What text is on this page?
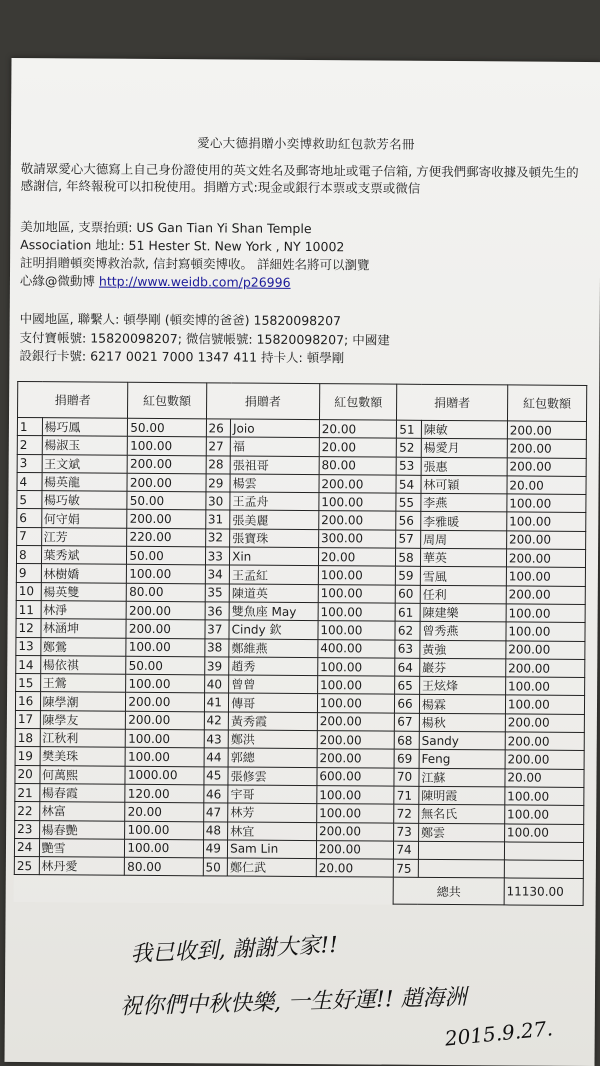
愛心大德捐贈小奕博救助紅包款芳名冊

敬請眾愛心大德寫上自己身份證使用的英文姓名及郵寄地址或電子信箱, 方便我們郵寄收據及頓先生的感謝信, 年終報稅可以扣稅使用。捐贈方式:現金或銀行本票或支票或微信

美加地區, 支票抬頭: US Gan Tian Yi Shan Temple

Association 地址: 51 Hester St. New York , NY 10002

註明捐贈頓奕博救治款, 信封寫頓奕博收。 詳細姓名將可以瀏覽

心緣@微動博 http://www.weidb.com/p26996

中國地區, 聯繫人: 頓學剛 (頓奕博的爸爸) 15820098207

支付寶帳號: 15820098207; 微信號帳號: 15820098207; 中國建

設銀行卡號: 6217 0021 7000 1347 411 持卡人: 頓學剛

捐贈者		紅包數額	捐贈者		紅包數額	捐贈者		紅包數額
1	楊巧鳳	50.00	26	Joio	20.00	51	陳敏	200.00
2	楊淑玉	100.00	27	福	20.00	52	楊愛月	200.00
3	王文斌	200.00	28	張祖哥	80.00	53	張惠	200.00
4	楊英龍	200.00	29	楊雲	200.00	54	林可穎	20.00
5	楊巧敏	50.00	30	王孟舟	100.00	55	李燕	100.00
6	何守娟	200.00	31	張美麗	200.00	56	李雅暖	100.00
7	江芳	220.00	32	張寶珠	300.00	57	周周	200.00
8	葉秀斌	50.00	33	Xin	20.00	58	華英	200.00
9	林樹嬌	100.00	34	王孟紅	100.00	59	雪風	100.00
10	楊英雙	80.00	35	陳道英	100.00	60	任利	200.00
11	林淨	200.00	36	雙魚座 May	100.00	61	陳建樂	100.00
12	林涵坤	200.00	37	Cindy 欽	100.00	62	曾秀燕	100.00
13	鄭鶯	100.00	38	鄭維燕	400.00	63	黃強	200.00
14	楊依祺	50.00	39	趙秀	100.00	64	巖芬	200.00
15	王鶯	100.00	40	曾曾	100.00	65	王炫烽	100.00
16	陳學潮	200.00	41	傳哥	100.00	66	楊霖	100.00
17	陳學友	200.00	42	黃秀霞	200.00	67	楊秋	200.00
18	江秋利	100.00	43	鄭洪	200.00	68	Sandy	200.00
19	樊美珠	100.00	44	郭總	200.00	69	Feng	200.00
20	何萬熙	1000.00	45	張修雲	600.00	70	江蘇	20.00
21	楊春霞	120.00	46	宇哥	100.00	71	陳明霞	100.00
22	林富	20.00	47	林芳	100.00	72	無名氏	100.00
23	楊春艷	100.00	48	林宜	200.00	73	鄭雲	100.00
24	艷雪	100.00	49	Sam Lin	200.00	74		
25	林丹愛	80.00	50	鄭仁武	20.00	75		
						總共		11130.00
我已收到, 謝謝大家!!
祝你們中秋快樂, 一生好運!! 趙海洲
2015.9.27.
